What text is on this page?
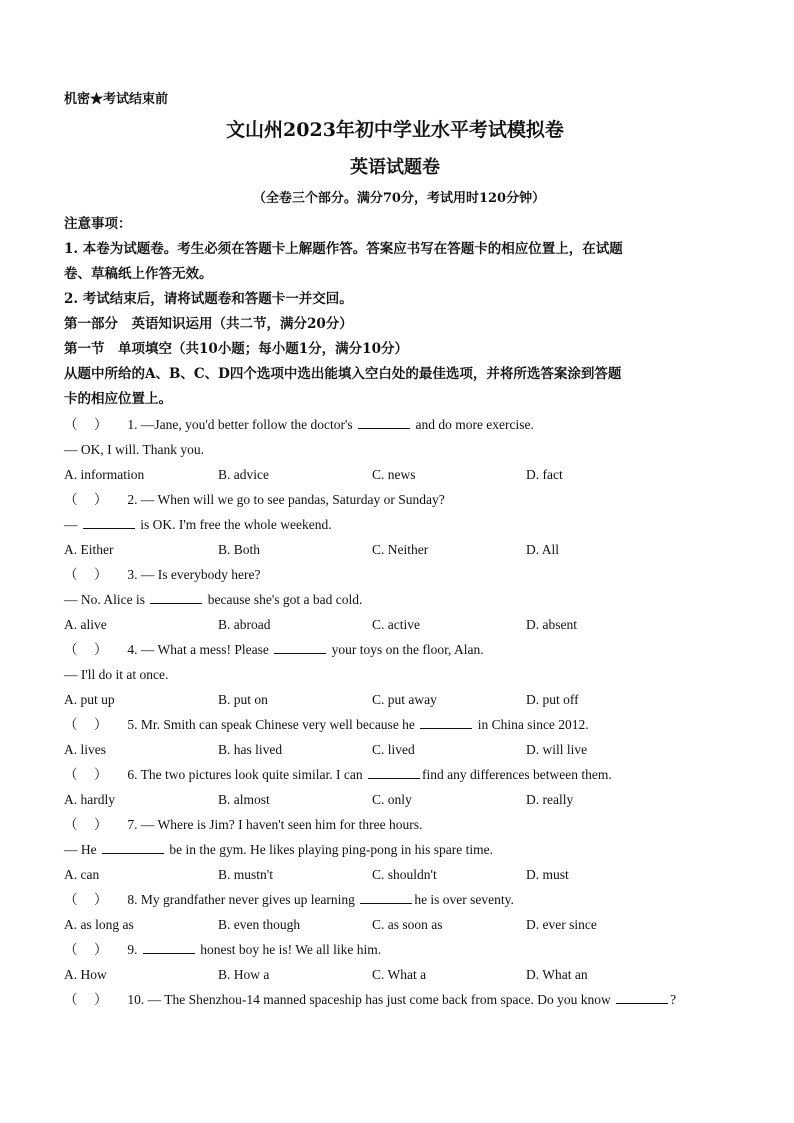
机密★考试结束前
文山州2023年初中学业水平考试模拟卷
英语试题卷
（全卷三个部分。满分70分，考试用时120分钟）
注意事项：
1. 本卷为试题卷。考生必须在答题卡上解题作答。答案应书写在答题卡的相应位置上，在试题
卷、草稿纸上作答无效。
2. 考试结束后，请将试题卷和答题卡一并交回。
第一部分　英语知识运用（共二节，满分20分）
第一节　单项填空（共10小题；每小题1分，满分10分）
从题中所给的A、B、C、D四个选项中选出能填入空白处的最佳选项，并将所选答案涂到答题
卡的相应位置上。
（ ） 1. —Jane, you'd better follow the doctor's	and do more exercise.
— OK, I will. Thank you.
A. information	B. advice	C. news	D. fact
（ ） 2. — When will we go to see pandas, Saturday or Sunday?
—	is OK. I'm free the whole weekend.
A. Either	B. Both	C. Neither	D. All
（ ） 3. — Is everybody here?
— No. Alice is	because she's got a bad cold.
A. alive	B. abroad	C. active	D. absent
（ ） 4. — What a mess! Please	your toys on the floor, Alan.
— I'll do it at once.
A. put up	B. put on	C. put away	D. put off
（ ） 5. Mr. Smith can speak Chinese very well because he	in China since 2012.
A. lives	B. has lived	C. lived	D. will live
（ ） 6. The two pictures look quite similar. I can	find any differences between them.
A. hardly	B. almost	C. only	D. really
（ ） 7. — Where is Jim? I haven't seen him for three hours.
— He	be in the gym. He likes playing ping-pong in his spare time.
A. can	B. mustn't	C. shouldn't	D. must
（ ） 8. My grandfather never gives up learning	he is over seventy.
A. as long as	B. even though	C. as soon as	D. ever since
（ ） 9.	honest boy he is! We all like him.
A. How	B. How a	C. What a	D. What an
（ ） 10. — The Shenzhou-14 manned spaceship has just come back from space. Do you know	?
